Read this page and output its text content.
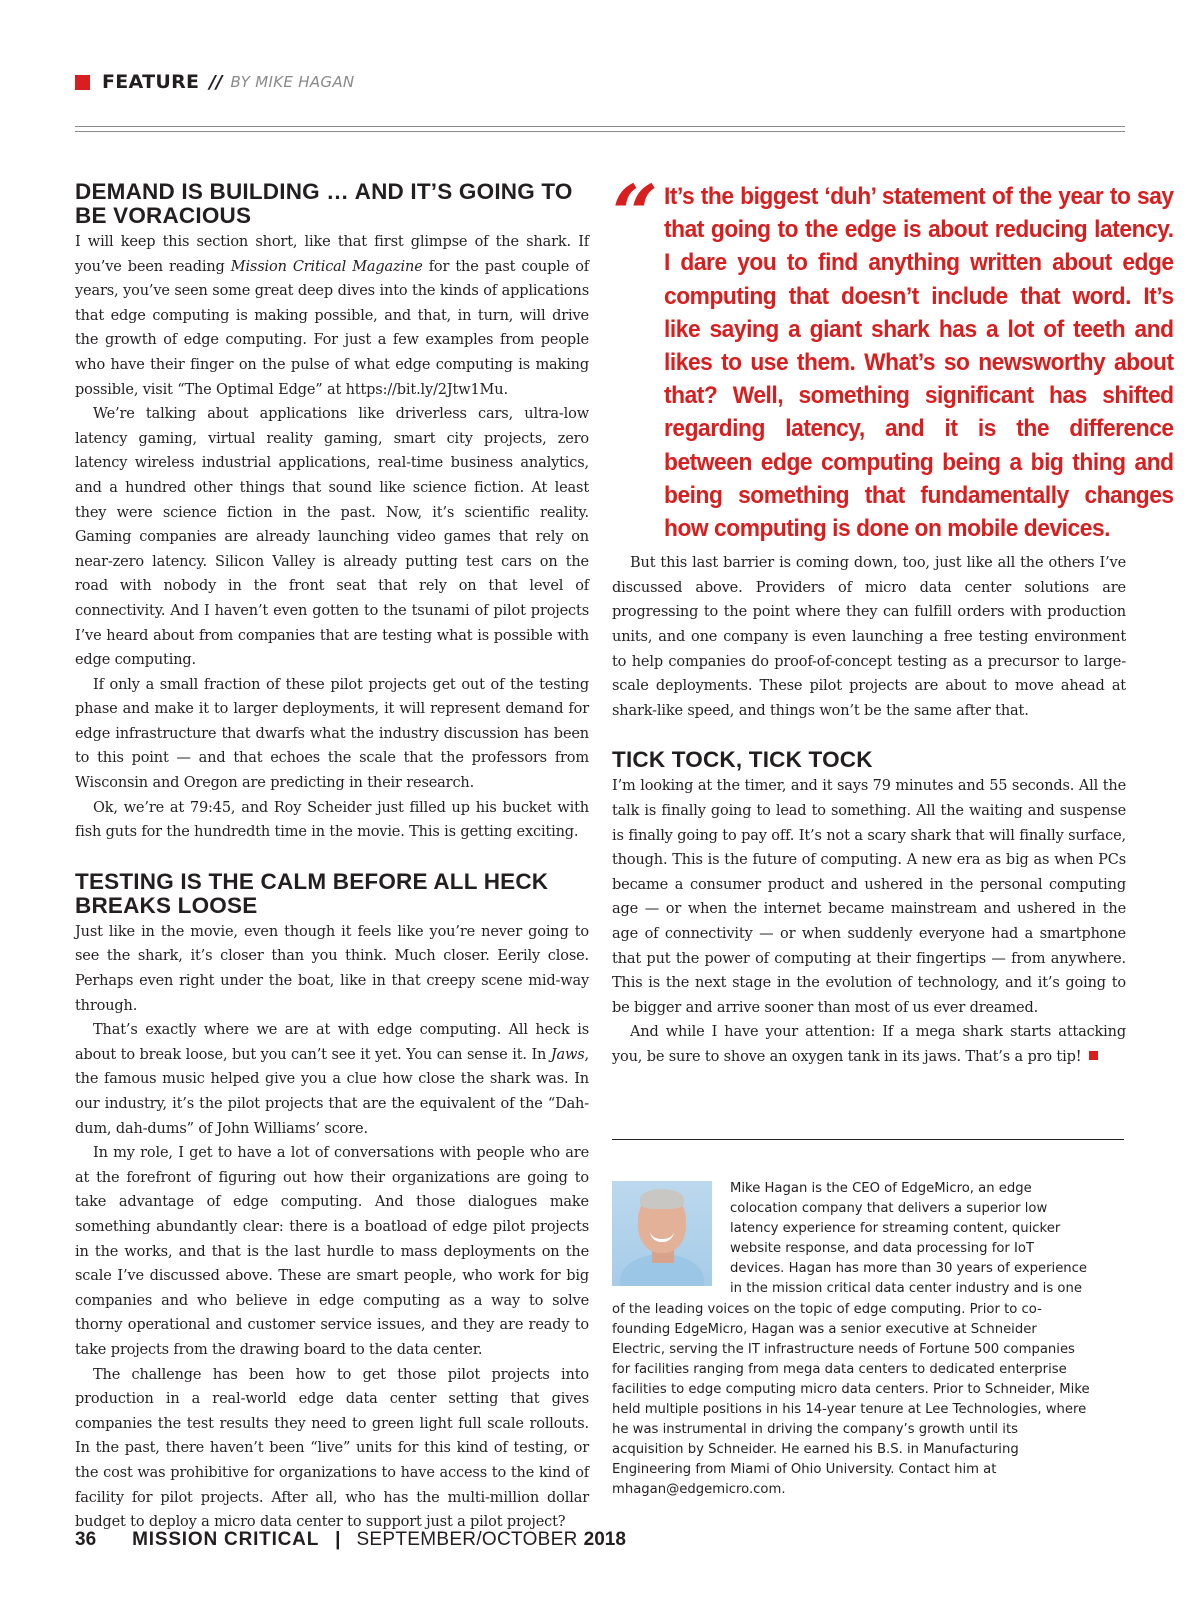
FEATURE // BY MIKE HAGAN
DEMAND IS BUILDING … AND IT’S GOING TO BE VORACIOUS

I will keep this section short, like that first glimpse of the shark. If you’ve been reading Mission Critical Magazine for the past couple of years, you’ve seen some great deep dives into the kinds of applications that edge computing is making possible, and that, in turn, will drive the growth of edge computing. For just a few examples from people who have their finger on the pulse of what edge computing is making possible, visit “The Optimal Edge” at https://bit.ly/2Jtw1Mu.

We’re talking about applications like driverless cars, ultra-low latency gaming, virtual reality gaming, smart city projects, zero latency wireless industrial applications, real-time business analytics, and a hundred other things that sound like science fiction. At least they were science fiction in the past. Now, it’s scientific reality. Gaming companies are already launching video games that rely on near-zero latency. Silicon Valley is already putting test cars on the road with nobody in the front seat that rely on that level of connectivity. And I haven’t even gotten to the tsunami of pilot projects I’ve heard about from companies that are testing what is possible with edge computing.

If only a small fraction of these pilot projects get out of the testing phase and make it to larger deployments, it will represent demand for edge infrastructure that dwarfs what the industry discussion has been to this point — and that echoes the scale that the professors from Wisconsin and Oregon are predicting in their research.

Ok, we’re at 79:45, and Roy Scheider just filled up his bucket with fish guts for the hundredth time in the movie. This is getting exciting.

TESTING IS THE CALM BEFORE ALL HECK BREAKS LOOSE

Just like in the movie, even though it feels like you’re never going to see the shark, it’s closer than you think. Much closer. Eerily close. Perhaps even right under the boat, like in that creepy scene mid-way through.

That’s exactly where we are at with edge computing. All heck is about to break loose, but you can’t see it yet. You can sense it. In Jaws, the famous music helped give you a clue how close the shark was. In our industry, it’s the pilot projects that are the equivalent of the “Dah-dum, dah-dums” of John Williams’ score.

In my role, I get to have a lot of conversations with people who are at the forefront of figuring out how their organizations are going to take advantage of edge computing. And those dialogues make something abundantly clear: there is a boatload of edge pilot projects in the works, and that is the last hurdle to mass deployments on the scale I’ve discussed above. These are smart people, who work for big companies and who believe in edge computing as a way to solve thorny operational and customer service issues, and they are ready to take projects from the drawing board to the data center.

The challenge has been how to get those pilot projects into production in a real-world edge data center setting that gives companies the test results they need to green light full scale rollouts. In the past, there haven’t been “live” units for this kind of testing, or the cost was prohibitive for organizations to have access to the kind of facility for pilot projects. After all, who has the multi-million dollar budget to deploy a micro data center to support just a pilot project?

“ It’s the biggest ‘duh’ statement of the year to say that going to the edge is about reducing latency. I dare you to find anything written about edge computing that doesn’t include that word. It’s like saying a giant shark has a lot of teeth and likes to use them. What’s so newsworthy about that? Well, something significant has shifted regarding latency, and it is the difference between edge computing being a big thing and being something that fundamentally changes how computing is done on mobile devices.

But this last barrier is coming down, too, just like all the others I’ve discussed above. Providers of micro data center solutions are progressing to the point where they can fulfill orders with production units, and one company is even launching a free testing environment to help companies do proof-of-concept testing as a precursor to large-scale deployments. These pilot projects are about to move ahead at shark-like speed, and things won’t be the same after that.

TICK TOCK, TICK TOCK

I’m looking at the timer, and it says 79 minutes and 55 seconds. All the talk is finally going to lead to something. All the waiting and suspense is finally going to pay off. It’s not a scary shark that will finally surface, though. This is the future of computing. A new era as big as when PCs became a consumer product and ushered in the personal computing age — or when the internet became mainstream and ushered in the age of connectivity — or when suddenly everyone had a smartphone that put the power of computing at their fingertips — from anywhere. This is the next stage in the evolution of technology, and it’s going to be bigger and arrive sooner than most of us ever dreamed.

And while I have your attention: If a mega shark starts attacking you, be sure to shove an oxygen tank in its jaws. That’s a pro tip!

Mike Hagan is the CEO of EdgeMicro, an edge colocation company that delivers a superior low latency experience for streaming content, quicker website response, and data processing for IoT devices. Hagan has more than 30 years of experience in the mission critical data center industry and is one of the leading voices on the topic of edge computing. Prior to co-founding EdgeMicro, Hagan was a senior executive at Schneider Electric, serving the IT infrastructure needs of Fortune 500 companies for facilities ranging from mega data centers to dedicated enterprise facilities to edge computing micro data centers. Prior to Schneider, Mike held multiple positions in his 14-year tenure at Lee Technologies, where he was instrumental in driving the company’s growth until its acquisition by Schneider. He earned his B.S. in Manufacturing Engineering from Miami of Ohio University. Contact him at mhagan@edgemicro.com.
36 MISSION CRITICAL | SEPTEMBER/OCTOBER 2018
